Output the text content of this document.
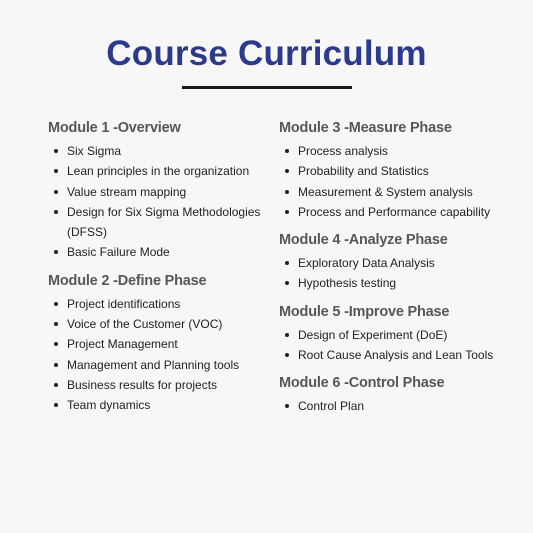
Course Curriculum
Module 1 -Overview
Six Sigma
Lean principles in the organization
Value stream mapping
Design for Six Sigma Methodologies (DFSS)
Basic Failure Mode
Module 2 -Define Phase
Project identifications
Voice of the Customer (VOC)
Project Management
Management and Planning tools
Business results for projects
Team dynamics
Module 3 -Measure Phase
Process analysis
Probability and Statistics
Measurement & System analysis
Process and Performance capability
Module 4 -Analyze Phase
Exploratory Data Analysis
Hypothesis testing
Module 5 -Improve Phase
Design of Experiment (DoE)
Root Cause Analysis and Lean Tools
Module 6 -Control Phase
Control Plan
